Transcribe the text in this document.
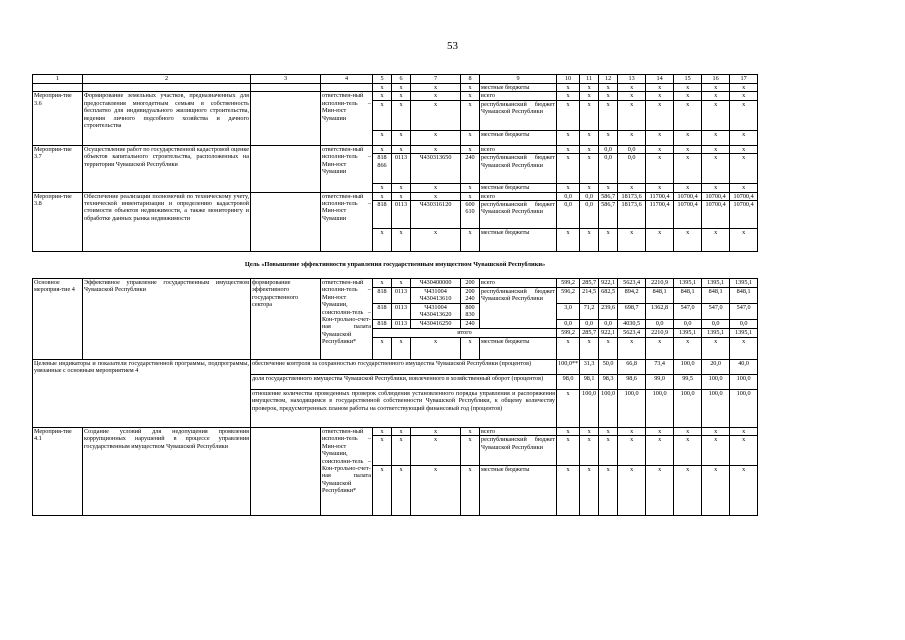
53
1	2	3	4	5	6	7	8	9	10	11	12	13	14	15	16	17
				x	x	x	x	местные бюджеты	x	x	x	x	x	x	x	x
Мероприя-тие 3.6	Формирование земельных участков, предназначенных для предоставления многодетным семьям в собственность бесплатно для индивидуального жилищного строительства, ведения личного подсобного хозяйства и дачного строительства		ответствен-ный исполни-тель – Мин-юст Чувашии	x	x	x	x	всего	x	x	x	x	x	x	x	x
				x	x	x	x	республиканский бюджет Чувашской Республики	x	x	x	x	x	x	x	x
				x	x	x	x	местные бюджеты	x	x	x	x	x	x	x	x
Мероприя-тие 3.7	Осуществление работ по государственной кадастровой оценке объектов капитального строительства, расположенных на территории Чувашской Республики		ответствен-ный исполни-тель – Мин-юст Чувашии	x	x	x	x	всего	x	x	0,0	0,0	x	x	x	x
				818 866	0113	Ч430313650	240	республиканский бюджет Чувашской Республики	x	x	0,0	0,0	x	x	x	x
				x	x	x	x	местные бюджеты	x	x	x	x	x	x	x	x
Мероприя-тие 3.8	Обеспечение реализации полномочий по техническому учету, технической инвентаризации и определению кадастровой стоимости объектов недвижимости, а также мониторингу и обработке данных рынка недвижимости		ответствен-ный исполни-тель – Мин-юст Чувашии	x	x	x	x	всего	0,0	0,0	586,7	18173,6	11700,4	10700,4	10700,4	10700,4
				818	0113	Ч430316120	600 610	республиканский бюджет Чувашской Республики	0,0	0,0	586,7	18173,6	11700,4	10700,4	10700,4	10700,4
				x	x	x	x	местные бюджеты	x	x	x	x	x	x	x	x
Цель «Повышение эффективности управления государственным имуществом Чувашской Республики»																
Основное мероприя-тие 4	Эффективное управление государственным имуществом Чувашской Республики	формирование эффективного государственного сектора	ответствен-ный исполни-тель – Мин-юст Чувашии, соисполни-тель – Кон-трольно-счет-ная палата Чувашской Республики*	x	x	Ч430400000	200	всего	599,2	285,7	922,1	5623,4	2210,9	1395,1	1395,1	1395,1
				818	0113	Ч431004 Ч430413610	200 240	республиканский бюджет Чувашской Республики	596,2	214,5	682,5	894,2	848,1	848,1	848,1	848,1
				818	0113	Ч431004 Ч430413620	800 830		3,0	71,2	239,6	698,7	1362,8	547,0	547,0	547,0
				818	0113	Ч430416250	240		0,0	0,0	0,0	4030,5	0,0	0,0	0,0	0,0
				итого					599,2	285,7	922,1	5623,4	2210,9	1395,1	1395,1	1395,1
				x	x	x	x	местные бюджеты	x	x	x	x	x	x	x	x
Целевые индикаторы и показатели государственной программы, подпрограммы, увязанные с основным мероприятием 4		обеспечение контроля за сохранностью государственного имущества Чувашской Республики (процентов)							100,0**	31,3	50,0	66,8	73,4	100,0	20,0	40,0
		доля государственного имущества Чувашской Республики, вовлеченного в хозяйственный оборот (процентов)							98,0	98,1	98,3	98,6	99,0	99,5	100,0	100,0
		отношение количества проведенных проверок соблюдения установленного порядка управления и распоряжения имуществом, находящимся в государственной собственности Чувашской Республики, к общему количеству проверок, предусмотренных планом работы на соответствующий финансовый год (процентов)							x	100,0	100,0	100,0	100,0	100,0	100,0	100,0
Мероприя-тие 4.1	Создание условий для недопущения проявления коррупционных нарушений в процессе управления государственным имуществом Чувашской Республики		ответствен-ный исполни-тель – Мин-юст Чувашии, соисполни-тель – Кон-трольно-счет-ная палата Чувашской Республики*	x	x	x	x	всего	x	x	x	x	x	x	x	x
				x	x	x	x	республиканский бюджет Чувашской Республики	x	x	x	x	x	x	x	x
				x	x	x	x	местные бюджеты	x	x	x	x	x	x	x	x
